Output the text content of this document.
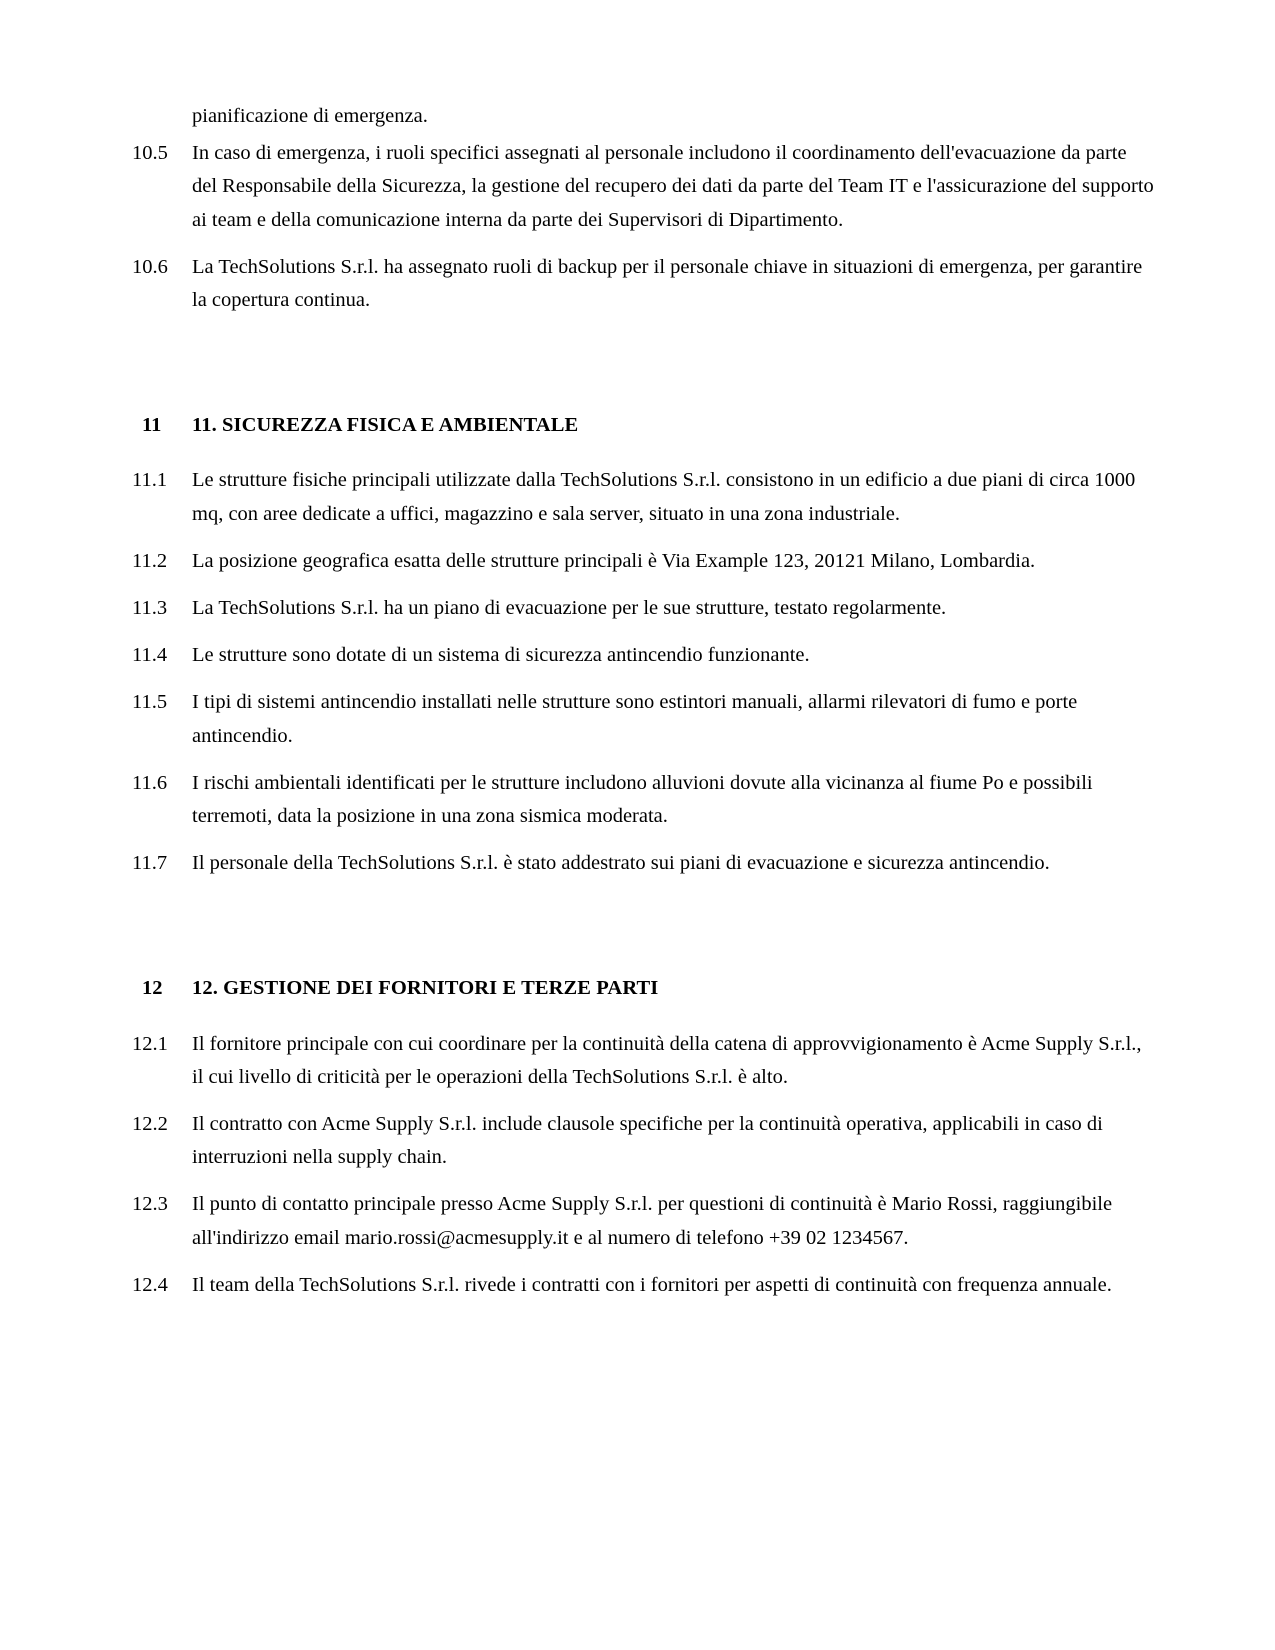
pianificazione di emergenza.

10.5	In caso di emergenza, i ruoli specifici assegnati al personale includono il coordinamento dell'evacuazione da parte del Responsabile della Sicurezza, la gestione del recupero dei dati da parte del Team IT e l'assicurazione del supporto ai team e della comunicazione interna da parte dei Supervisori di Dipartimento.
10.6	La TechSolutions S.r.l. ha assegnato ruoli di backup per il personale chiave in situazioni di emergenza, per garantire la copertura continua.
11	11. SICUREZZA FISICA E AMBIENTALE
11.1	Le strutture fisiche principali utilizzate dalla TechSolutions S.r.l. consistono in un edificio a due piani di circa 1000 mq, con aree dedicate a uffici, magazzino e sala server, situato in una zona industriale.
11.2	La posizione geografica esatta delle strutture principali è Via Example 123, 20121 Milano, Lombardia.
11.3	La TechSolutions S.r.l. ha un piano di evacuazione per le sue strutture, testato regolarmente.
11.4	Le strutture sono dotate di un sistema di sicurezza antincendio funzionante.
11.5	I tipi di sistemi antincendio installati nelle strutture sono estintori manuali, allarmi rilevatori di fumo e porte antincendio.
11.6	I rischi ambientali identificati per le strutture includono alluvioni dovute alla vicinanza al fiume Po e possibili terremoti, data la posizione in una zona sismica moderata.
11.7	Il personale della TechSolutions S.r.l. è stato addestrato sui piani di evacuazione e sicurezza antincendio.
12	12. GESTIONE DEI FORNITORI E TERZE PARTI
12.1	Il fornitore principale con cui coordinare per la continuità della catena di approvvigionamento è Acme Supply S.r.l., il cui livello di criticità per le operazioni della TechSolutions S.r.l. è alto.
12.2	Il contratto con Acme Supply S.r.l. include clausole specifiche per la continuità operativa, applicabili in caso di interruzioni nella supply chain.
12.3	Il punto di contatto principale presso Acme Supply S.r.l. per questioni di continuità è Mario Rossi, raggiungibile all'indirizzo email mario.rossi@acmesupply.it e al numero di telefono +39 02 1234567.
12.4	Il team della TechSolutions S.r.l. rivede i contratti con i fornitori per aspetti di continuità con frequenza annuale.
